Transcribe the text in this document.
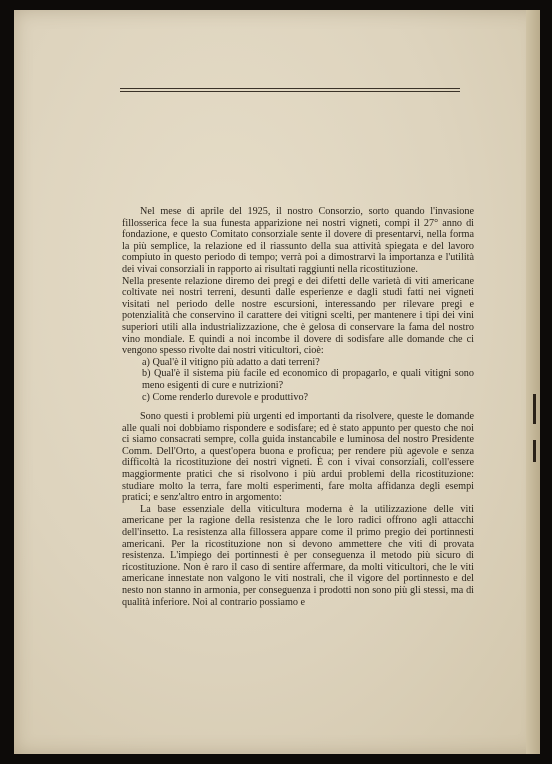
Nel mese di aprile del 1925, il nostro Consorzio, sorto quando l'invasione fillosserica fece la sua funesta apparizione nei nostri vigneti, compì il 27° anno di fondazione, e questo Comitato consorziale sente il dovere di presentarvi, nella forma la più semplice, la relazione ed il riassunto della sua attività spiegata e del lavoro compiuto in questo periodo di tempo; verrà poi a dimostrarvi la importanza e l'utilità dei vivai consorziali in rapporto ai risultati raggiunti nella ricostituzione.

Nella presente relazione diremo dei pregi e dei difetti delle varietà di viti americane coltivate nei nostri terreni, desunti dalle esperienze e dagli studi fatti nei vigneti visitati nel periodo delle nostre escursioni, interessando per rilevare pregi e potenzialità che conservino il carattere dei vitigni scelti, per mantenere i tipi dei vini superiori utili alla industrializzazione, che è gelosa di conservare la fama del nostro vino mondiale. E quindi a noi incombe il dovere di sodisfare alle domande che ci vengono spesso rivolte dai nostri viticultori, cioè:

a) Qual'è il vitigno più adatto a dati terreni?

b) Qual'è il sistema più facile ed economico di propagarlo, e quali vitigni sono meno esigenti di cure e nutrizioni?

c) Come renderlo durevole e produttivo?

Sono questi i problemi più urgenti ed importanti da risolvere, queste le domande alle quali noi dobbiamo rispondere e sodisfare; ed è stato appunto per questo che noi ci siamo consacrati sempre, colla guida instancabile e luminosa del nostro Presidente Comm. Dell'Orto, a quest'opera buona e proficua; per rendere più agevole e senza difficoltà la ricostituzione dei nostri vigneti. È con i vivai consorziali, coll'essere maggiormente pratici che si risolvono i più ardui problemi della ricostituzione: studiare molto la terra, fare molti esperimenti, fare molta affidanza degli esempi pratici; e senz'altro entro in argomento:

La base essenziale della viticultura moderna è la utilizzazione delle viti americane per la ragione della resistenza che le loro radici offrono agli attacchi dell'insetto. La resistenza alla fillossera appare come il primo pregio dei portinnesti americani. Per la ricostituzione non si devono ammettere che viti di provata resistenza. L'impiego dei portinnesti è per conseguenza il metodo più sicuro di ricostituzione. Non è raro il caso di sentire affermare, da molti viticultori, che le viti americane innestate non valgono le viti nostrali, che il vigore del portinnesto e del nesto non stanno in armonia, per conseguenza i prodotti non sono più gli stessi, ma di qualità inferiore. Noi al contrario possiamo e
